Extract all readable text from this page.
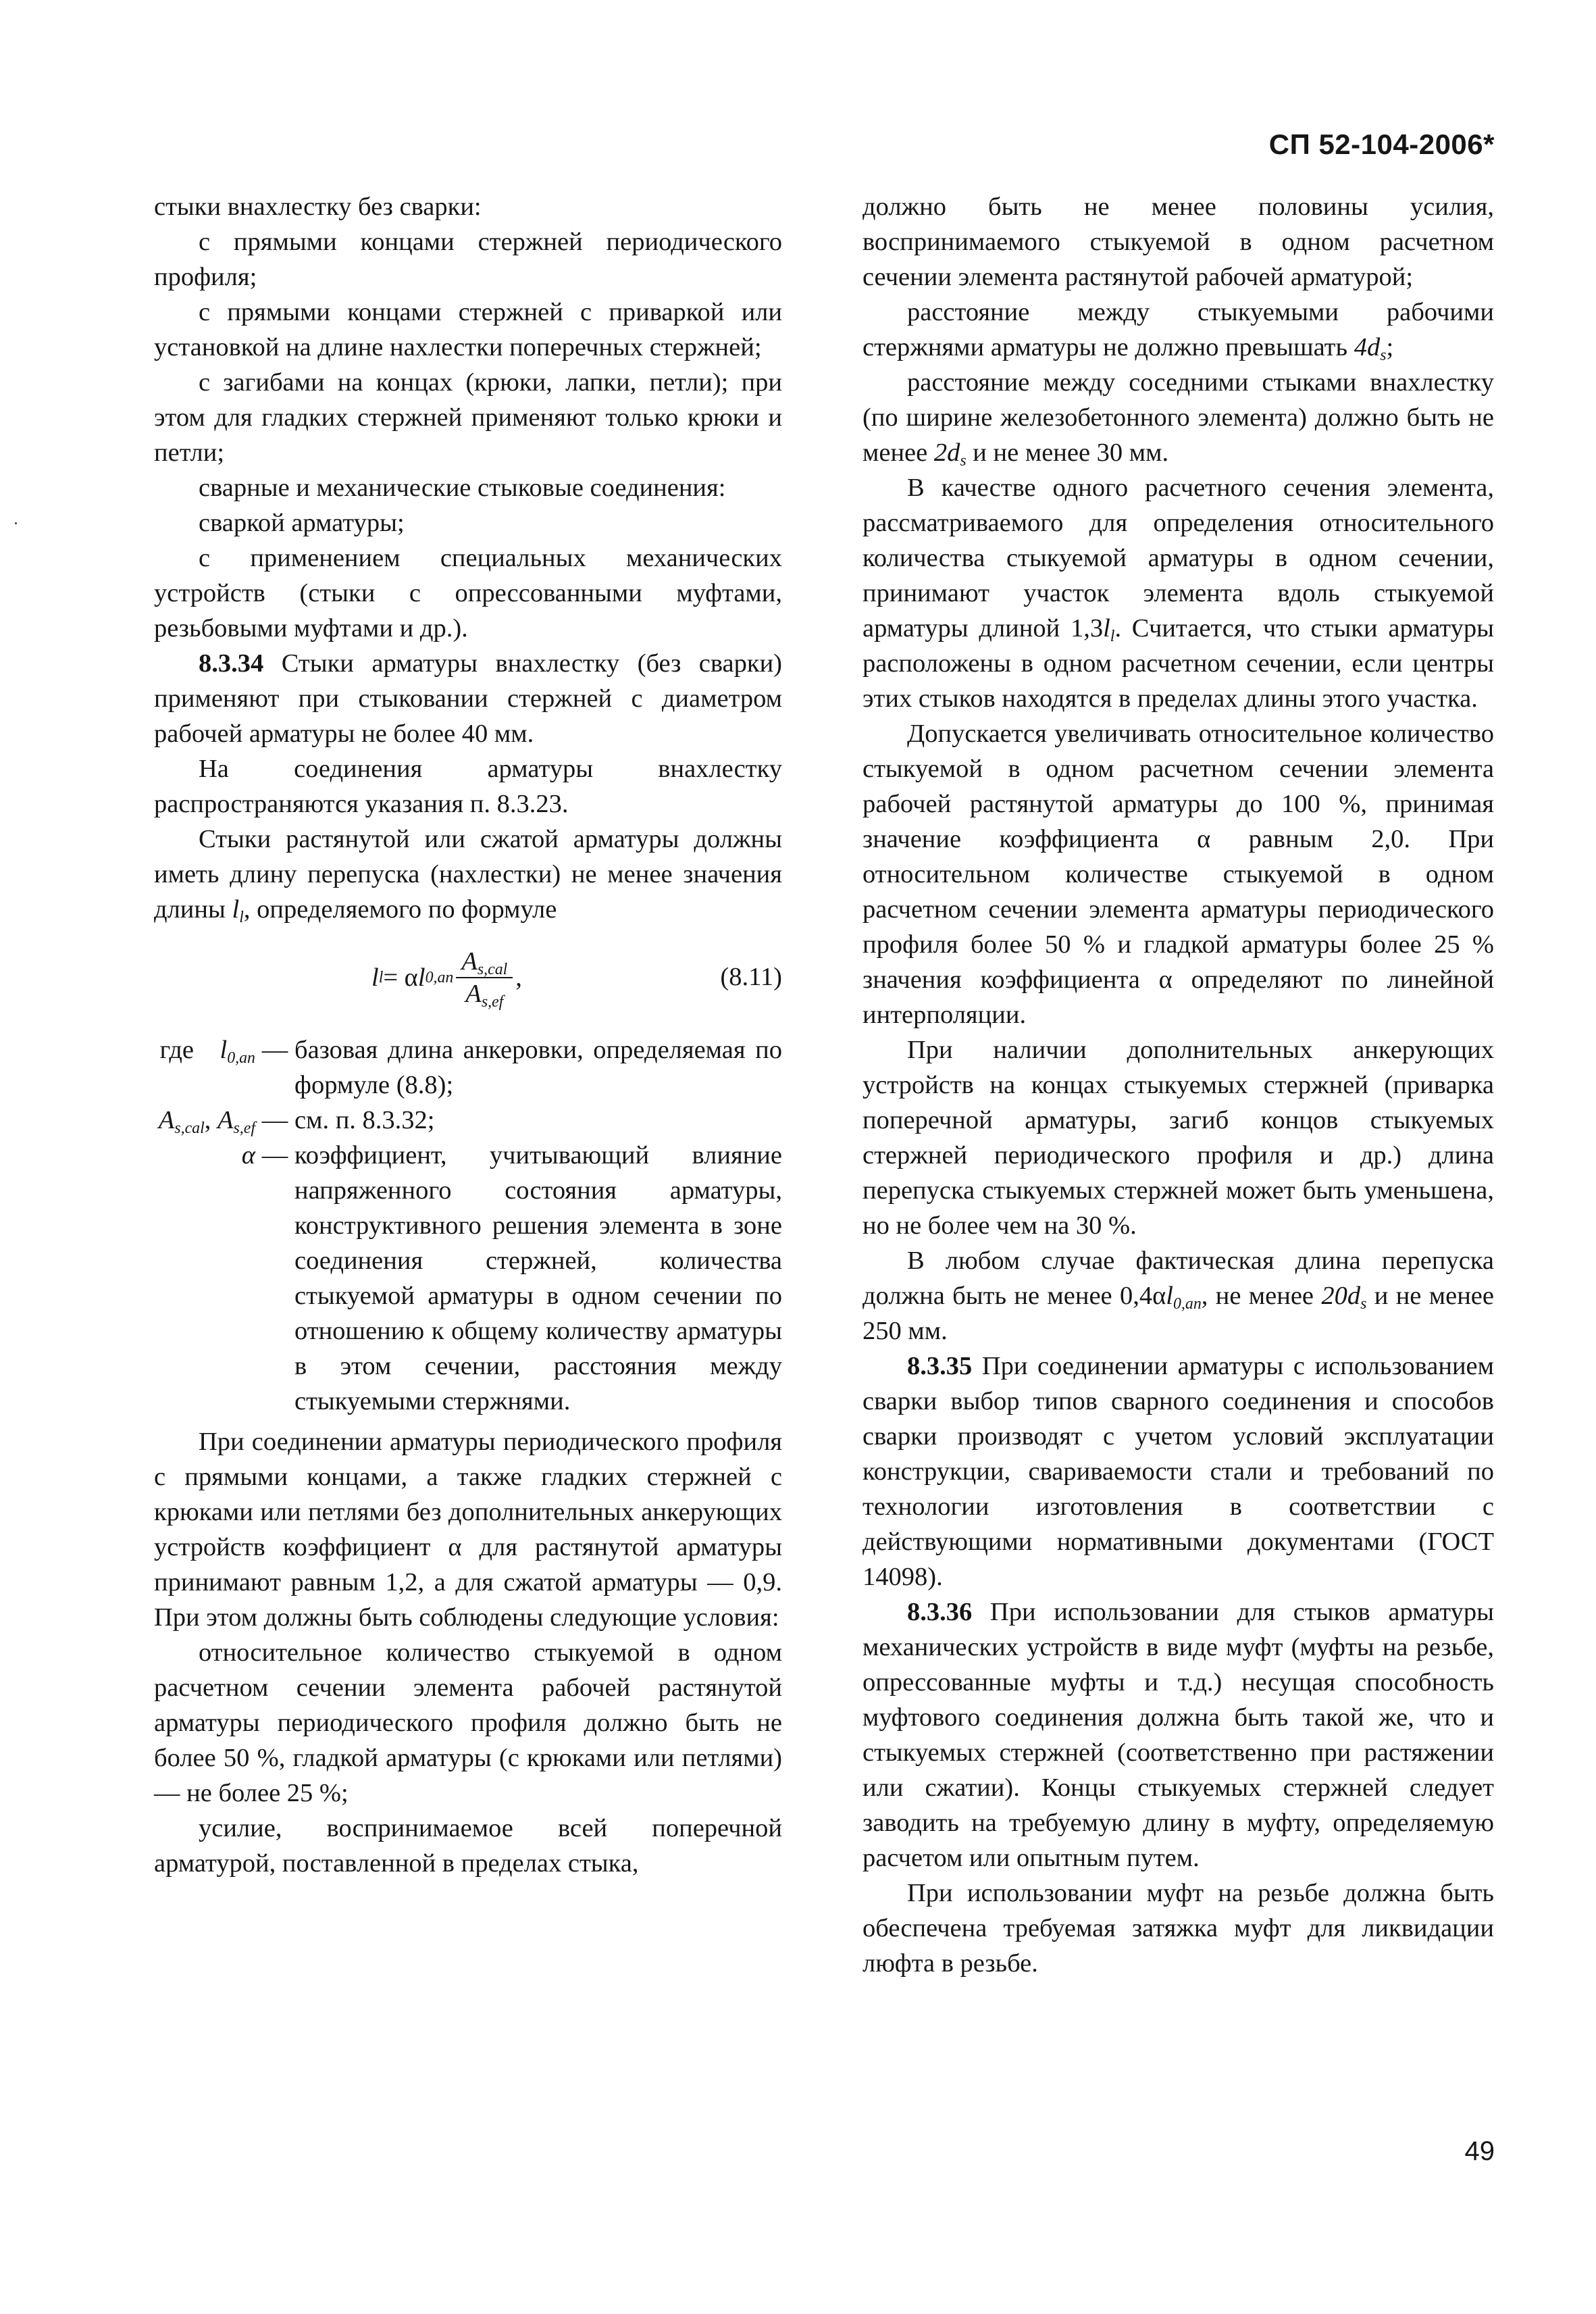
СП 52-104-2006*

стыки внахлестку без сварки:

с прямыми концами стержней периодического профиля;

с прямыми концами стержней с приваркой или установкой на длине нахлестки поперечных стержней;

с загибами на концах (крюки, лапки, петли); при этом для гладких стержней применяют только крюки и петли;

сварные и механические стыковые соединения:

сваркой арматуры;

с применением специальных механических устройств (стыки с опрессованными муфтами, резьбовыми муфтами и др.).

8.3.34 Стыки арматуры внахлестку (без сварки) применяют при стыковании стержней с диаметром рабочей арматуры не более 40 мм.

На соединения арматуры внахлестку распространяются указания п. 8.3.23.

Стыки растянутой или сжатой арматуры должны иметь длину перепуска (нахлестки) не менее значения длины $l_l$, определяемого по формуле

l l = α l $0,an \frac{A_{s,cal}}{A_{s,ef}}$ ,	(8.11)
где $l_{0,an}$ — базовая длина анкеровки, определяемая по формуле (8.8);
$A_{s,cal}$, $A_{s,ef}$ — см. п. 8.3.32;
α — коэффициент, учитывающий влияние напряженного состояния арматуры, конструктивного решения элемента в зоне соединения стержней, количества стыкуемой арматуры в одном сечении по отношению к общему количеству арматуры в этом сечении, расстояния между стыкуемыми стержнями.

При соединении арматуры периодического профиля с прямыми концами, а также гладких стержней с крюками или петлями без дополнительных анкерующих устройств коэффициент α для растянутой арматуры принимают равным 1,2, а для сжатой арматуры — 0,9. При этом должны быть соблюдены следующие условия:

относительное количество стыкуемой в одном расчетном сечении элемента рабочей растянутой арматуры периодического профиля должно быть не более 50 %, гладкой арматуры (с крюками или петлями) — не более 25 %;

усилие, воспринимаемое всей поперечной арматурой, поставленной в пределах стыка,

должно быть не менее половины усилия, воспринимаемого стыкуемой в одном расчетном сечении элемента растянутой рабочей арматурой;

расстояние между стыкуемыми рабочими стержнями арматуры не должно превышать $4d_s$;

расстояние между соседними стыками внахлестку (по ширине железобетонного элемента) должно быть не менее $2d_s$ и не менее 30 мм.

В качестве одного расчетного сечения элемента, рассматриваемого для определения относительного количества стыкуемой арматуры в одном сечении, принимают участок элемента вдоль стыкуемой арматуры длиной $1,3l_l$. Считается, что стыки арматуры расположены в одном расчетном сечении, если центры этих стыков находятся в пределах длины этого участка.

Допускается увеличивать относительное количество стыкуемой в одном расчетном сечении элемента рабочей растянутой арматуры до 100 %, принимая значение коэффициента α равным 2,0. При относительном количестве стыкуемой в одном расчетном сечении элемента арматуры периодического профиля более 50 % и гладкой арматуры более 25 % значения коэффициента α определяют по линейной интерполяции.

При наличии дополнительных анкерующих устройств на концах стыкуемых стержней (приварка поперечной арматуры, загиб концов стыкуемых стержней периодического профиля и др.) длина перепуска стыкуемых стержней может быть уменьшена, но не более чем на 30 %.

В любом случае фактическая длина перепуска должна быть не менее $0,4\alpha l_{0,an}$, не менее $20d_s$ и не менее 250 мм.

8.3.35 При соединении арматуры с использованием сварки выбор типов сварного соединения и способов сварки производят с учетом условий эксплуатации конструкции, свариваемости стали и требований по технологии изготовления в соответствии с действующими нормативными документами (ГОСТ 14098).

8.3.36 При использовании для стыков арматуры механических устройств в виде муфт (муфты на резьбе, опрессованные муфты и т.д.) несущая способность муфтового соединения должна быть такой же, что и стыкуемых стержней (соответственно при растяжении или сжатии). Концы стыкуемых стержней следует заводить на требуемую длину в муфту, определяемую расчетом или опытным путем.

При использовании муфт на резьбе должна быть обеспечена требуемая затяжка муфт для ликвидации люфта в резьбе.

49
